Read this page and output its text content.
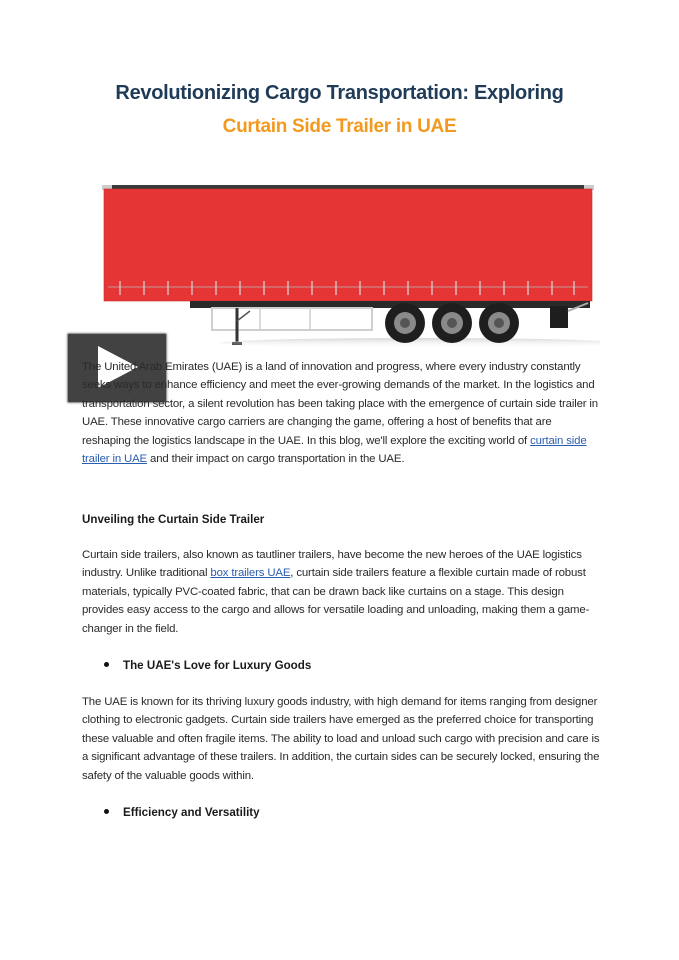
Revolutionizing Cargo Transportation: Exploring
Curtain Side Trailer in UAE

The United Arab Emirates (UAE) is a land of innovation and progress, where every industry constantly seeks ways to enhance efficiency and meet the ever-growing demands of the market. In the logistics and transportation sector, a silent revolution has been taking place with the emergence of curtain side trailer in UAE. These innovative cargo carriers are changing the game, offering a host of benefits that are reshaping the logistics landscape in the UAE. In this blog, we'll explore the exciting world of curtain side trailer in UAE and their impact on cargo transportation in the UAE.

Unveiling the Curtain Side Trailer

Curtain side trailers, also known as tautliner trailers, have become the new heroes of the UAE logistics industry. Unlike traditional box trailers UAE, curtain side trailers feature a flexible curtain made of robust materials, typically PVC-coated fabric, that can be drawn back like curtains on a stage. This design provides easy access to the cargo and allows for versatile loading and unloading, making them a game-changer in the field.

The UAE's Love for Luxury Goods

The UAE is known for its thriving luxury goods industry, with high demand for items ranging from designer clothing to electronic gadgets. Curtain side trailers have emerged as the preferred choice for transporting these valuable and often fragile items. The ability to load and unload such cargo with precision and care is a significant advantage of these trailers. In addition, the curtain sides can be securely locked, ensuring the safety of the valuable goods within.

Efficiency and Versatility
